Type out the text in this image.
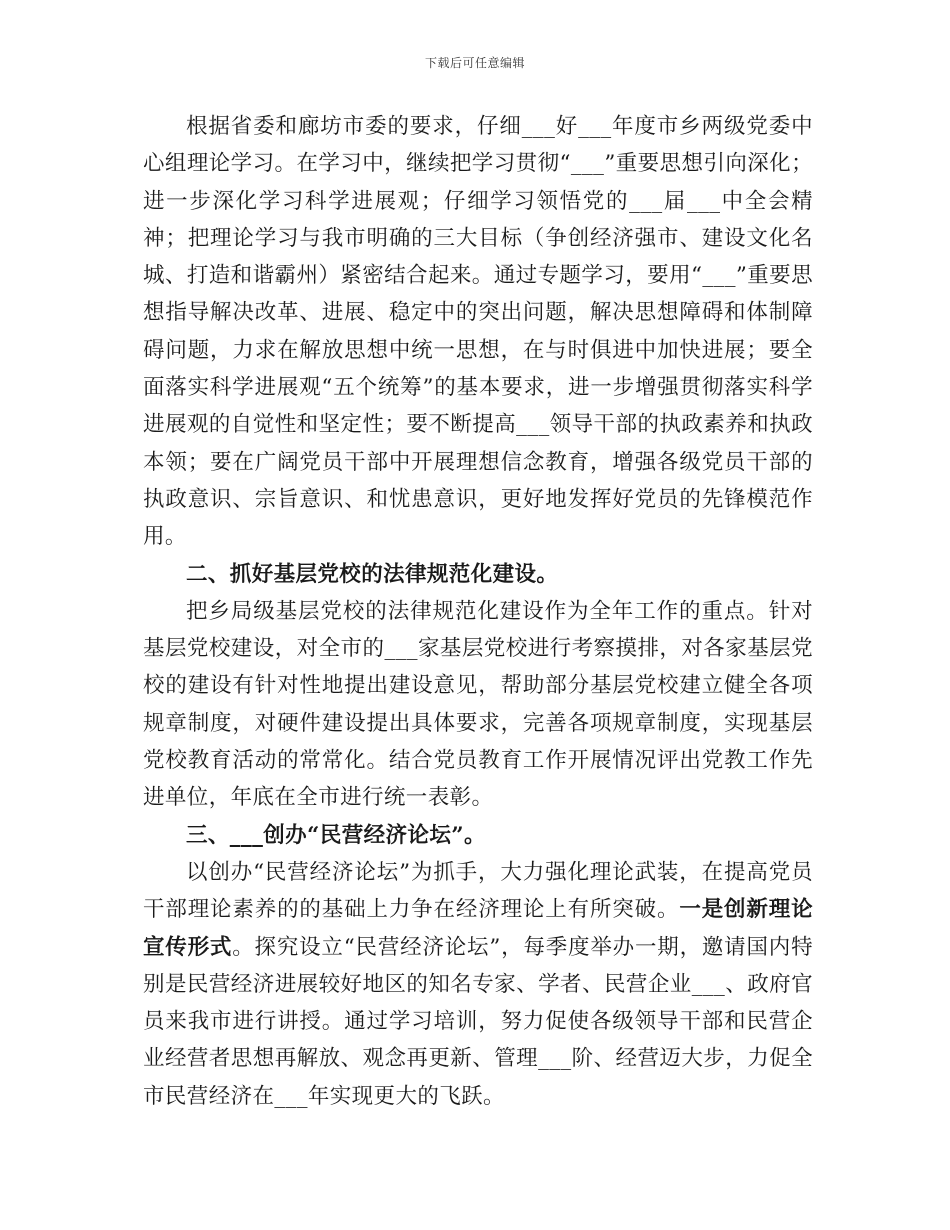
下载后可任意编辑

根据省委和廊坊市委的要求，仔细___好___年度市乡两级党委中心组理论学习。在学习中，继续把学习贯彻“___”重要思想引向深化；进一步深化学习科学进展观；仔细学习领悟党的___届___中全会精神；把理论学习与我市明确的三大目标（争创经济强市、建设文化名城、打造和谐霸州）紧密结合起来。通过专题学习，要用“___”重要思想指导解决改革、进展、稳定中的突出问题，解决思想障碍和体制障碍问题，力求在解放思想中统一思想，在与时俱进中加快进展；要全面落实科学进展观“五个统筹”的基本要求，进一步增强贯彻落实科学进展观的自觉性和坚定性；要不断提高___领导干部的执政素养和执政本领；要在广阔党员干部中开展理想信念教育，增强各级党员干部的执政意识、宗旨意识、和忧患意识，更好地发挥好党员的先锋模范作用。

二、抓好基层党校的法律规范化建设。

把乡局级基层党校的法律规范化建设作为全年工作的重点。针对基层党校建设，对全市的___家基层党校进行考察摸排，对各家基层党校的建设有针对性地提出建设意见，帮助部分基层党校建立健全各项规章制度，对硬件建设提出具体要求，完善各项规章制度，实现基层党校教育活动的常常化。结合党员教育工作开展情况评出党教工作先进单位，年底在全市进行统一表彰。

三、___创办“民营经济论坛”。

以创办“民营经济论坛”为抓手，大力强化理论武装，在提高党员干部理论素养的的基础上力争在经济理论上有所突破。一是创新理论宣传形式。探究设立“民营经济论坛”，每季度举办一期，邀请国内特别是民营经济进展较好地区的知名专家、学者、民营企业___、政府官员来我市进行讲授。通过学习培训，努力促使各级领导干部和民营企业经营者思想再解放、观念再更新、管理___阶、经营迈大步，力促全市民营经济在___年实现更大的飞跃。
